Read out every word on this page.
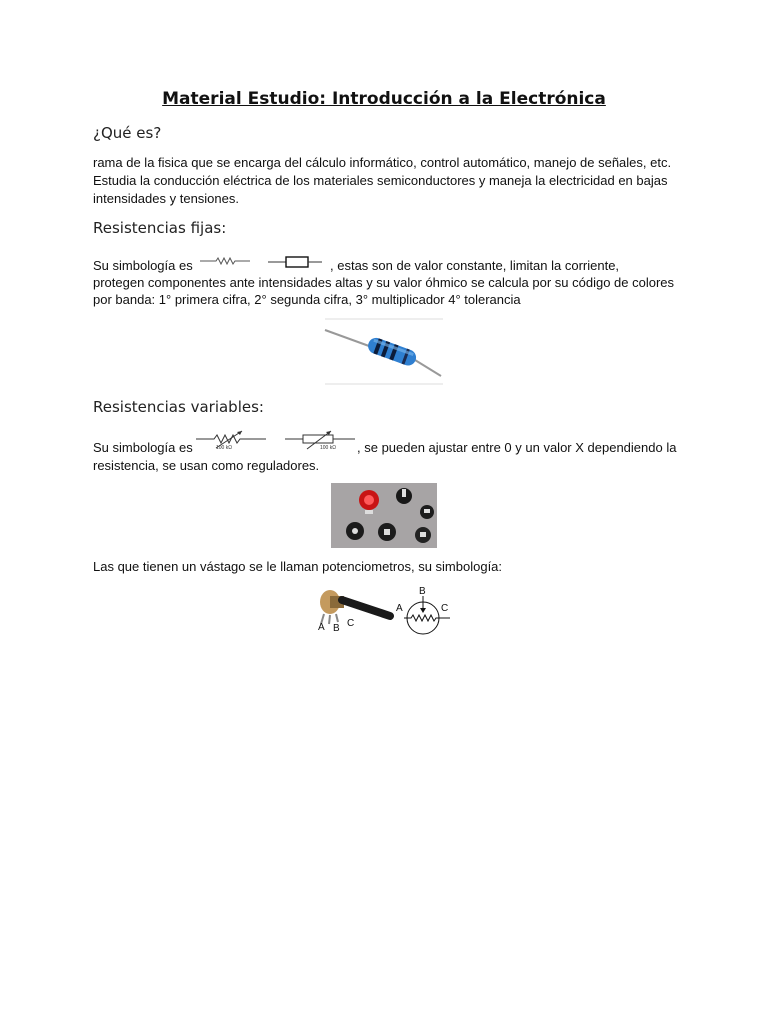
Material Estudio: Introducción a la Electrónica
¿Qué es?
rama de la fisica que se encarga del cálculo informático, control automático, manejo de señales, etc.
Estudia la conducción eléctrica de los materiales semiconductores y maneja la electricidad en bajas
intensidades y tensiones.
Resistencias fijas:
Su simbología es	, estas son de valor constante, limitan la corriente,
protegen componentes ante intensidades altas y su valor óhmico se calcula por su código de colores
por banda: 1° primera cifra, 2° segunda cifra, 3° multiplicador 4° tolerancia
Resistencias variables:
Su simbología es	100 kΩ	100 kΩ , se pueden ajustar entre 0 y un valor X dependiendo la
resistencia, se usan como reguladores.
Las que tienen un vástago se le llaman potenciometros, su simbología:
A B C
A
B
C
